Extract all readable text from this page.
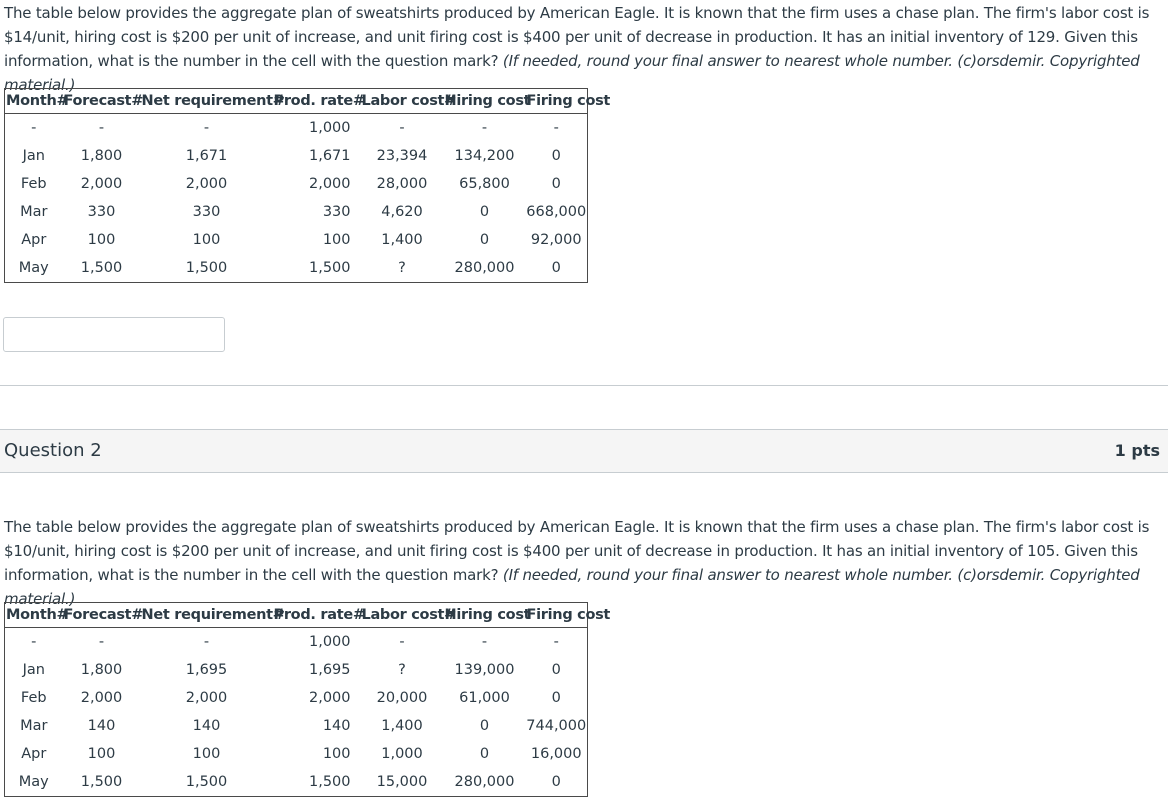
The table below provides the aggregate plan of sweatshirts produced by American Eagle. It is known that the firm uses a chase plan. The firm's labor cost is $14/unit, hiring cost is $200 per unit of increase, and unit firing cost is $400 per unit of decrease in production. It has an initial inventory of 129. Given this information, what is the number in the cell with the question mark? (If needed, round your final answer to nearest whole number. (c)orsdemir. Copyrighted material.)
Month#	Forecast#	Net requirement#	Prod. rate#	Labor cost#	Hiring cost	Firing cost
-	-	-	1,000	-	-	-
Jan	1,800	1,671	1,671	23,394	134,200	0
Feb	2,000	2,000	2,000	28,000	65,800	0
Mar	330	330	330	4,620	0	668,000
Apr	100	100	100	1,400	0	92,000
May	1,500	1,500	1,500	?	280,000	0
Question 2	1 pts
The table below provides the aggregate plan of sweatshirts produced by American Eagle. It is known that the firm uses a chase plan. The firm's labor cost is $10/unit, hiring cost is $200 per unit of increase, and unit firing cost is $400 per unit of decrease in production. It has an initial inventory of 105. Given this information, what is the number in the cell with the question mark? (If needed, round your final answer to nearest whole number. (c)orsdemir. Copyrighted material.)
Month#	Forecast#	Net requirement#	Prod. rate#	Labor cost#	Hiring cost	Firing cost
-	-	-	1,000	-	-	-
Jan	1,800	1,695	1,695	?	139,000	0
Feb	2,000	2,000	2,000	20,000	61,000	0
Mar	140	140	140	1,400	0	744,000
Apr	100	100	100	1,000	0	16,000
May	1,500	1,500	1,500	15,000	280,000	0
